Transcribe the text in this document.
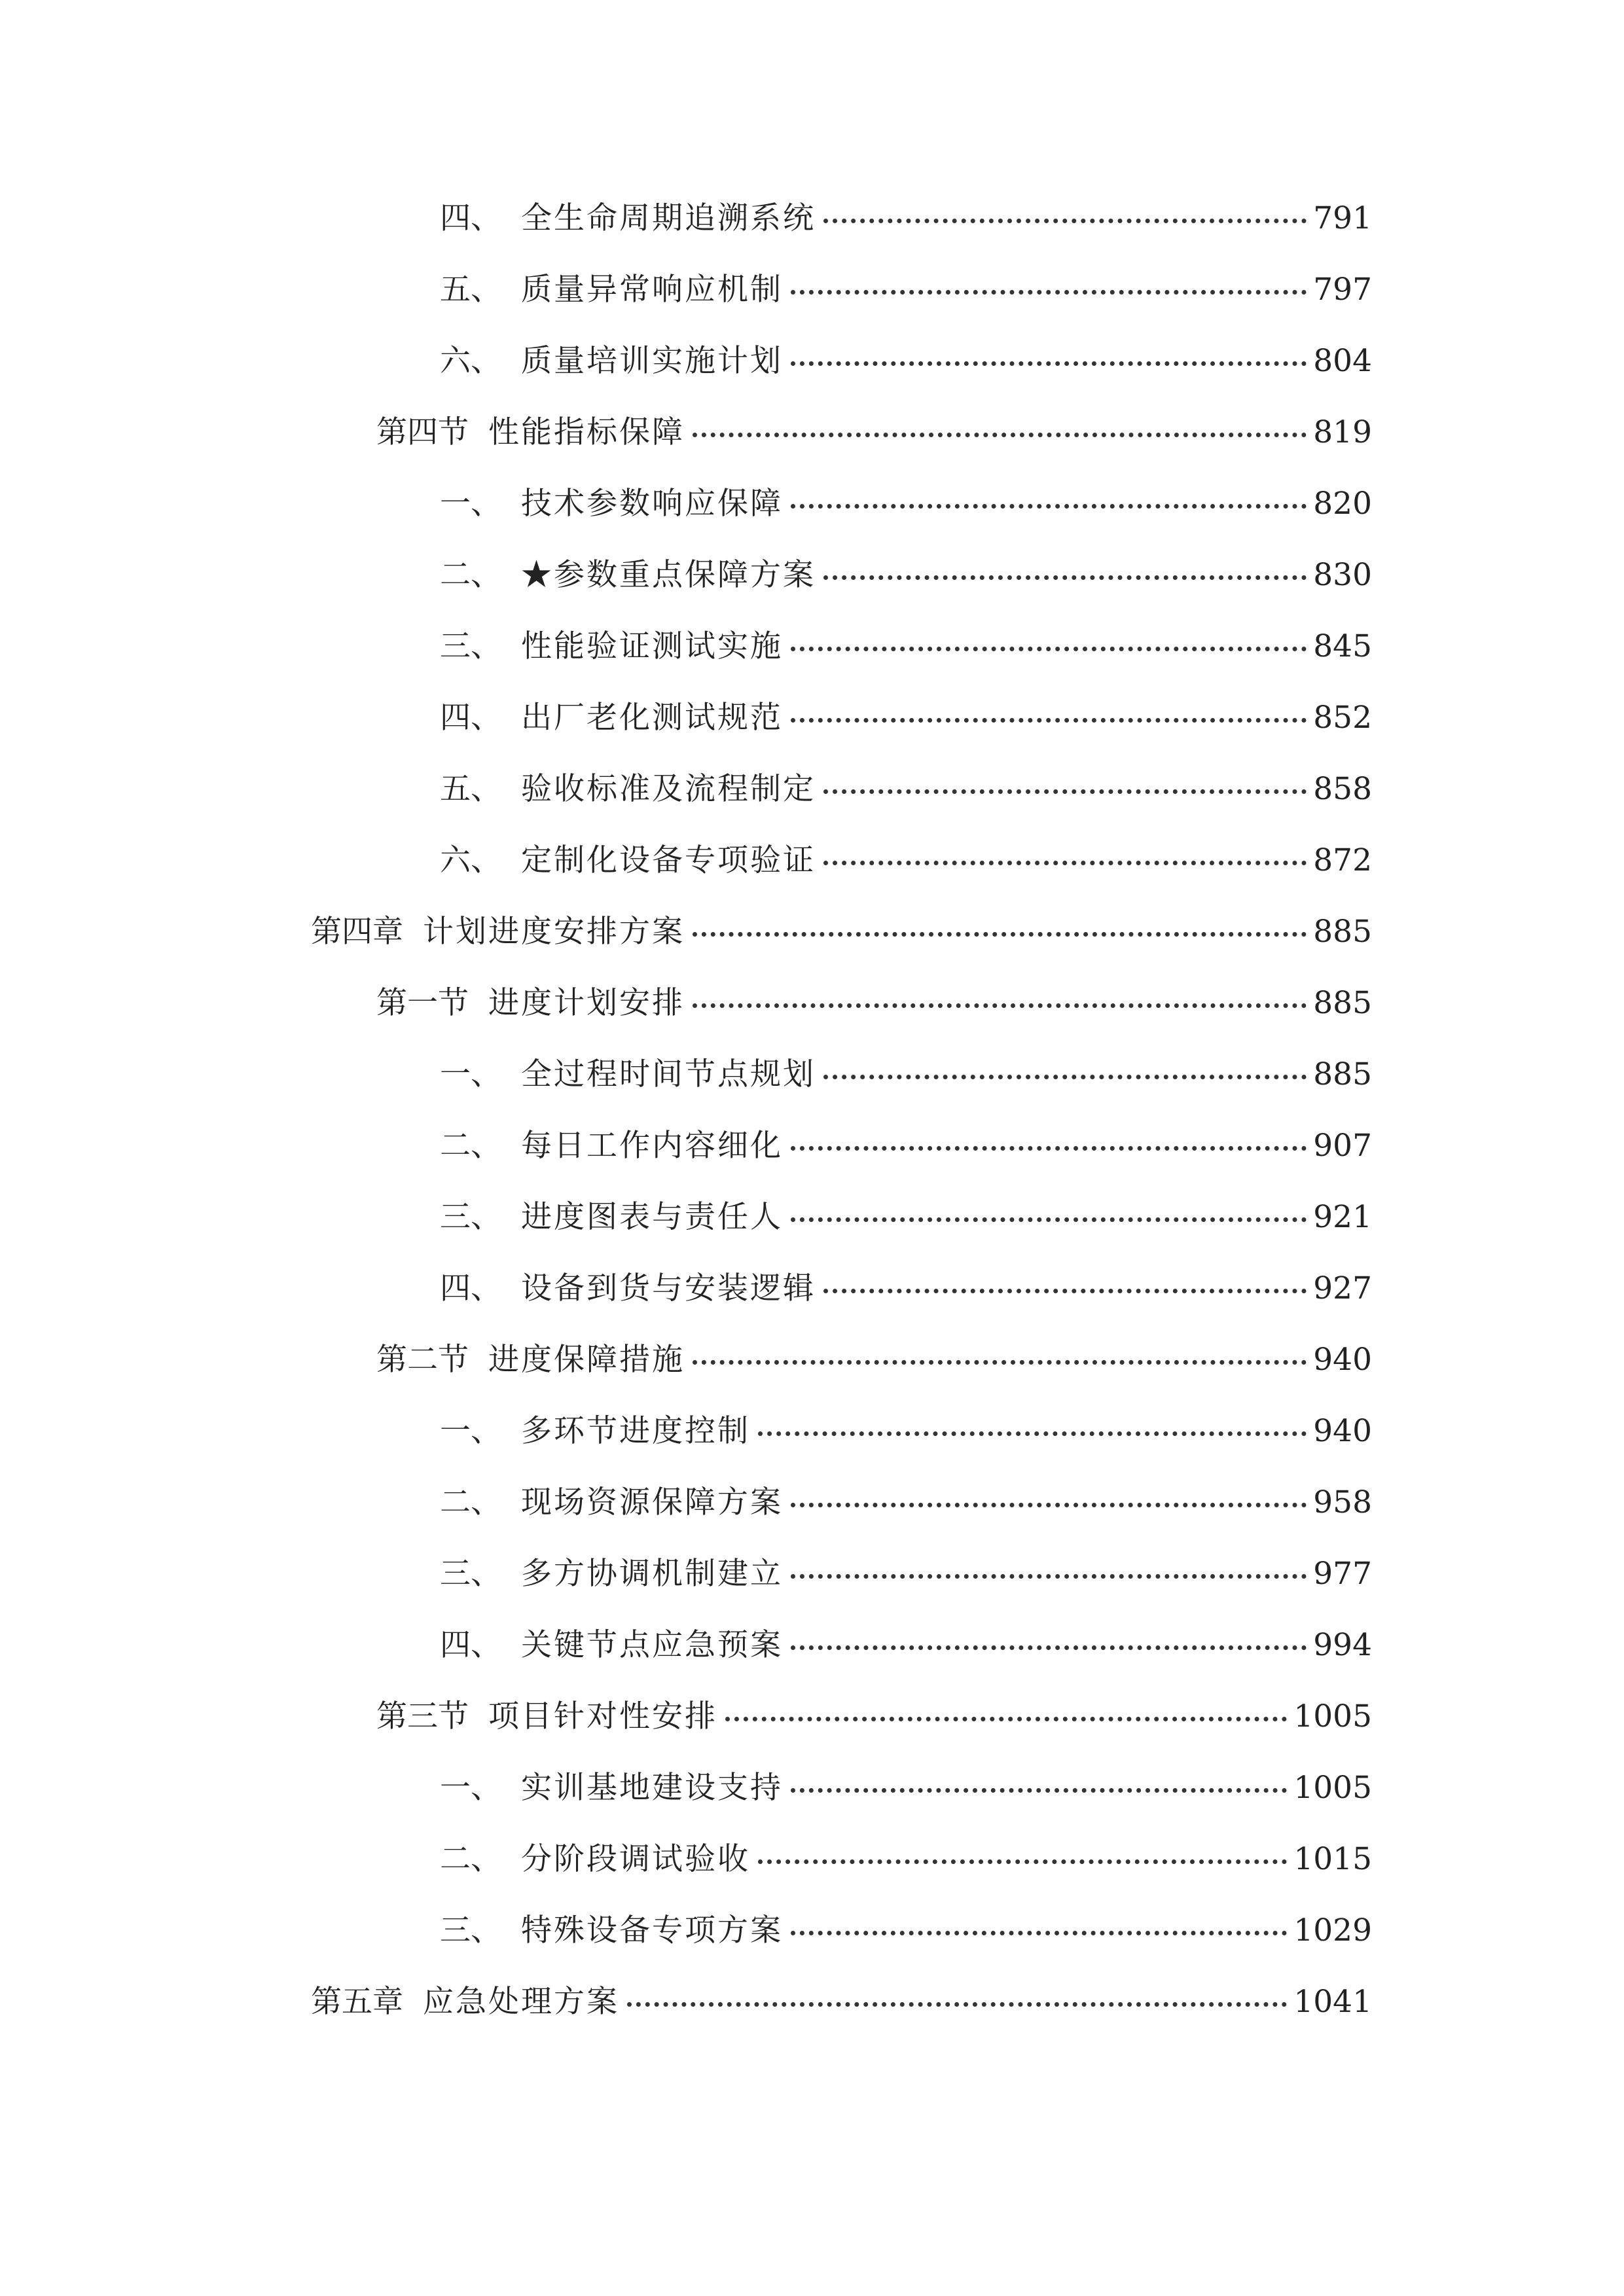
四、 全生命周期追溯系统	791
五、 质量异常响应机制	797
六、 质量培训实施计划	804
第四节 性能指标保障	819
一、 技术参数响应保障	820
二、 ★参数重点保障方案	830
三、 性能验证测试实施	845
四、 出厂老化测试规范	852
五、 验收标准及流程制定	858
六、 定制化设备专项验证	872
第四章 计划进度安排方案	885
第一节 进度计划安排	885
一、 全过程时间节点规划	885
二、 每日工作内容细化	907
三、 进度图表与责任人	921
四、 设备到货与安装逻辑	927
第二节 进度保障措施	940
一、 多环节进度控制	940
二、 现场资源保障方案	958
三、 多方协调机制建立	977
四、 关键节点应急预案	994
第三节 项目针对性安排	1005
一、 实训基地建设支持	1005
二、 分阶段调试验收	1015
三、 特殊设备专项方案	1029
第五章 应急处理方案	1041
